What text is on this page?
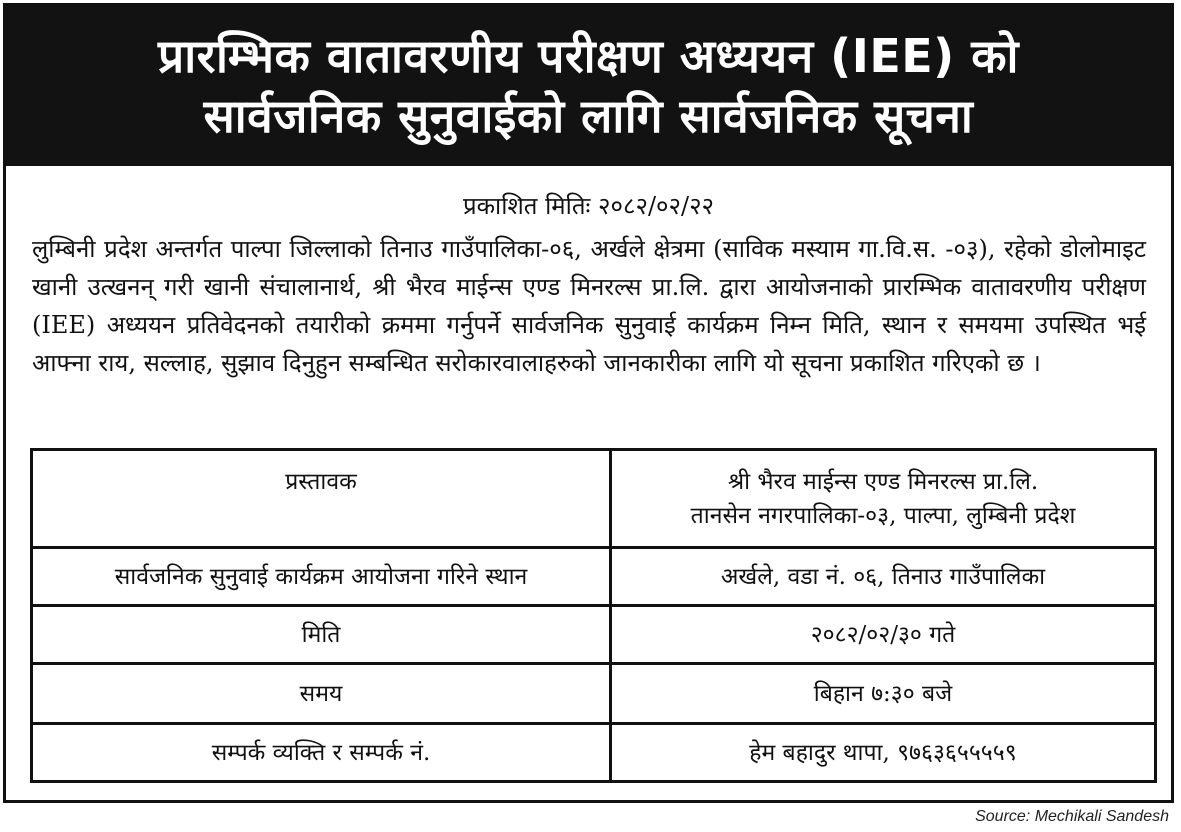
प्रारम्भिक वातावरणीय परीक्षण अध्ययन (IEE) को
सार्वजनिक सुनुवाईको लागि सार्वजनिक सूचना
प्रकाशित मितिः २०८२/०२/२२
लुम्बिनी प्रदेश अन्तर्गत पाल्पा जिल्लाको तिनाउ गाउँपालिका-०६, अर्खले क्षेत्रमा (साविक मस्याम गा.वि.स. -०३), रहेको डोलोमाइट खानी उत्खनन् गरी खानी संचालानार्थ, श्री भैरव माईन्स एण्ड मिनरल्स प्रा.लि. द्वारा आयोजनाको प्रारम्भिक वातावरणीय परीक्षण (IEE) अध्ययन प्रतिवेदनको तयारीको क्रममा गर्नुपर्ने सार्वजनिक सुनुवाई कार्यक्रम निम्न मिति, स्थान र समयमा उपस्थित भई आफ्ना राय, सल्लाह, सुझाव दिनुहुन सम्बन्धित सरोकारवालाहरुको जानकारीका लागि यो सूचना प्रकाशित गरिएको छ ।
प्रस्तावक	श्री भैरव माईन्स एण्ड मिनरल्स प्रा.लि.
तानसेन नगरपालिका-०३, पाल्पा, लुम्बिनी प्रदेश

सार्वजनिक सुनुवाई कार्यक्रम आयोजना गरिने स्थान	अर्खले, वडा नं. ०६, तिनाउ गाउँपालिका
मिति	२०८२/०२/३० गते
समय	बिहान ७:३० बजे
सम्पर्क व्यक्ति र सम्पर्क नं.	हेम बहादुर थापा, ९७६३६५५५५९
Source: Mechikali Sandesh
